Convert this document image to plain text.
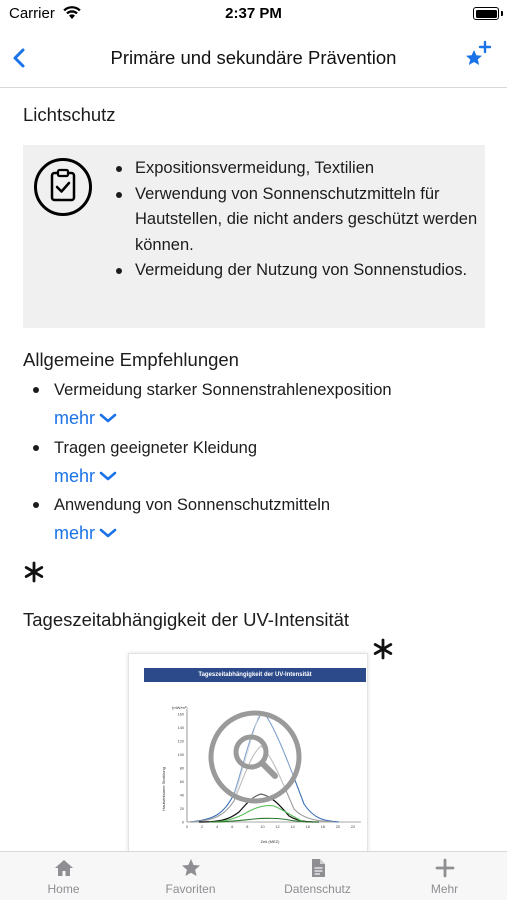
Carrier	2:37 PM
Primäre und sekundäre Prävention
Lichtschutz
Expositionsvermeidung, Textilien
Verwendung von Sonnenschutzmitteln für Hautstellen, die nicht anders geschützt werden können.
Vermeidung der Nutzung von Sonnenstudios.
Allgemeine Empfehlungen
Vermeidung starker Sonnenstrahlenexposition
mehr
Tragen geeigneter Kleidung
mehr
Anwendung von Sonnenschutzmitteln
mehr
Tageszeitabhängigkeit der UV-Intensität
Tageszeitabhängigkeit der UV-Intensität
(mW/m²)
Hautwirksame Strahlung
Zeit (MEZ)
0
20
40
60
80
100
120
140
160
0	2	4	6	8	10	12	14	16	18	20	22
Home	Favoriten	Datenschutz	Mehr
